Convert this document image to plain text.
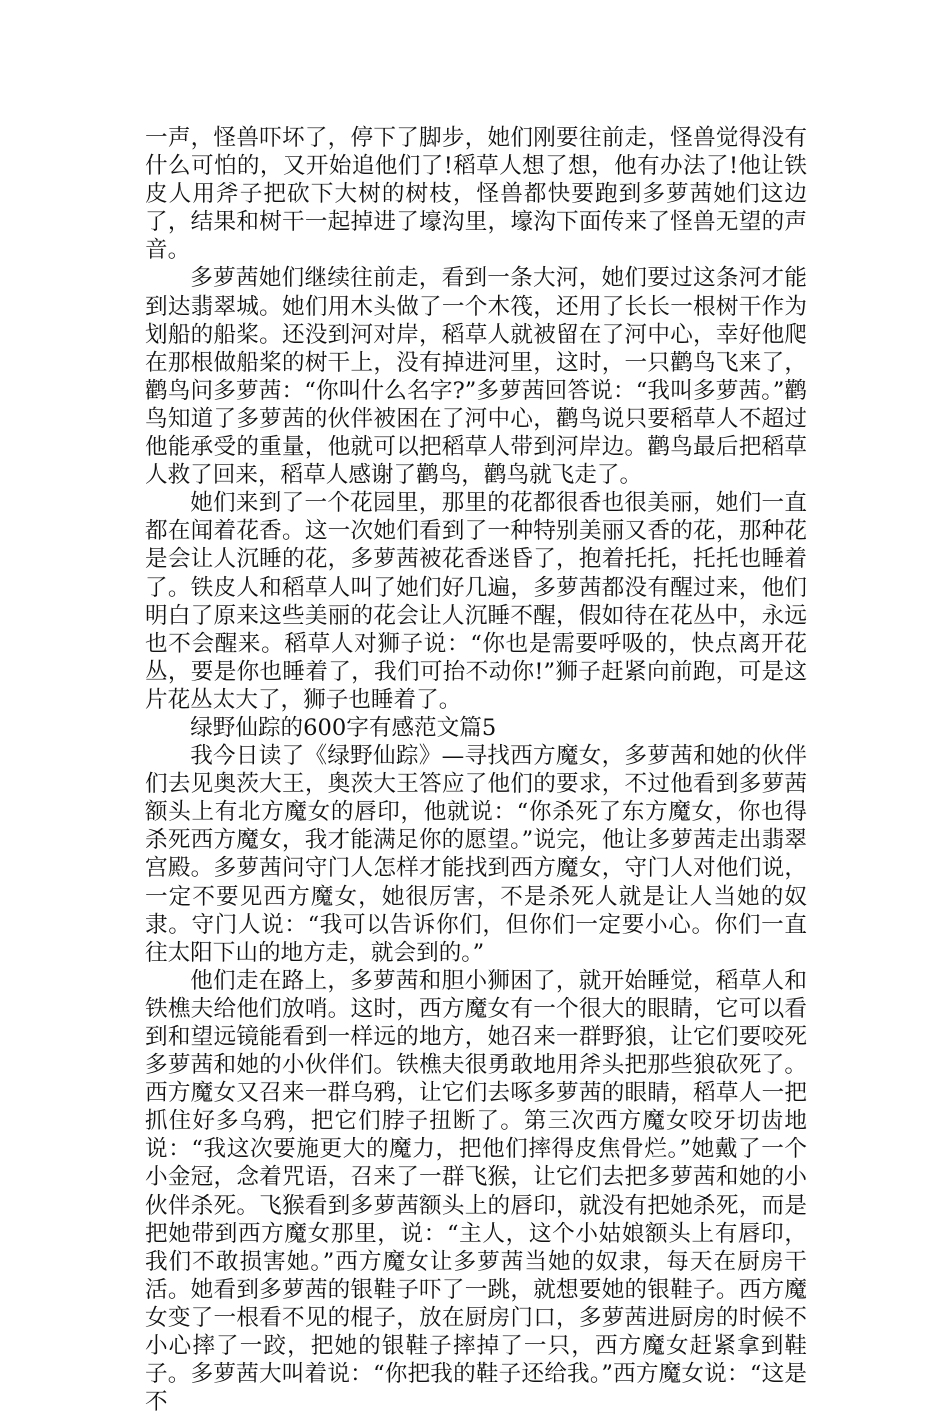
一声，怪兽吓坏了，停下了脚步，她们刚要往前走，怪兽觉得没有什么可怕的，又开始追他们了!稻草人想了想，他有办法了!他让铁皮人用斧子把砍下大树的树枝，怪兽都快要跑到多萝茜她们这边了，结果和树干一起掉进了壕沟里，壕沟下面传来了怪兽无望的声音。

多萝茜她们继续往前走，看到一条大河，她们要过这条河才能到达翡翠城。她们用木头做了一个木筏，还用了长长一根树干作为划船的船桨。还没到河对岸，稻草人就被留在了河中心，幸好他爬在那根做船桨的树干上，没有掉进河里，这时，一只鹳鸟飞来了，鹳鸟问多萝茜：“你叫什么名字?”多萝茜回答说：“我叫多萝茜。”鹳鸟知道了多萝茜的伙伴被困在了河中心，鹳鸟说只要稻草人不超过他能承受的重量，他就可以把稻草人带到河岸边。鹳鸟最后把稻草人救了回来，稻草人感谢了鹳鸟，鹳鸟就飞走了。

她们来到了一个花园里，那里的花都很香也很美丽，她们一直都在闻着花香。这一次她们看到了一种特别美丽又香的花，那种花是会让人沉睡的花，多萝茜被花香迷昏了，抱着托托，托托也睡着了。铁皮人和稻草人叫了她们好几遍，多萝茜都没有醒过来，他们明白了原来这些美丽的花会让人沉睡不醒，假如待在花丛中，永远也不会醒来。稻草人对狮子说：“你也是需要呼吸的，快点离开花丛，要是你也睡着了，我们可抬不动你!”狮子赶紧向前跑，可是这片花丛太大了，狮子也睡着了。

绿野仙踪的600字有感范文篇5

我今日读了《绿野仙踪》—寻找西方魔女，多萝茜和她的伙伴们去见奥茨大王，奥茨大王答应了他们的要求，不过他看到多萝茜额头上有北方魔女的唇印，他就说：“你杀死了东方魔女，你也得杀死西方魔女，我才能满足你的愿望。”说完，他让多萝茜走出翡翠宫殿。多萝茜问守门人怎样才能找到西方魔女，守门人对他们说，一定不要见西方魔女，她很厉害，不是杀死人就是让人当她的奴隶。守门人说：“我可以告诉你们，但你们一定要小心。你们一直往太阳下山的地方走，就会到的。”

他们走在路上，多萝茜和胆小狮困了，就开始睡觉，稻草人和铁樵夫给他们放哨。这时，西方魔女有一个很大的眼睛，它可以看到和望远镜能看到一样远的地方，她召来一群野狼，让它们要咬死多萝茜和她的小伙伴们。铁樵夫很勇敢地用斧头把那些狼砍死了。西方魔女又召来一群乌鸦，让它们去啄多萝茜的眼睛，稻草人一把抓住好多乌鸦，把它们脖子扭断了。第三次西方魔女咬牙切齿地说：“我这次要施更大的魔力，把他们摔得皮焦骨烂。”她戴了一个小金冠，念着咒语，召来了一群飞猴，让它们去把多萝茜和她的小伙伴杀死。飞猴看到多萝茜额头上的唇印，就没有把她杀死，而是把她带到西方魔女那里，说：“主人，这个小姑娘额头上有唇印，我们不敢损害她。”西方魔女让多萝茜当她的奴隶，每天在厨房干活。她看到多萝茜的银鞋子吓了一跳，就想要她的银鞋子。西方魔女变了一根看不见的棍子，放在厨房门口，多萝茜进厨房的时候不小心摔了一跤，把她的银鞋子摔掉了一只，西方魔女赶紧拿到鞋子。多萝茜大叫着说：“你把我的鞋子还给我。”西方魔女说：“这是不
